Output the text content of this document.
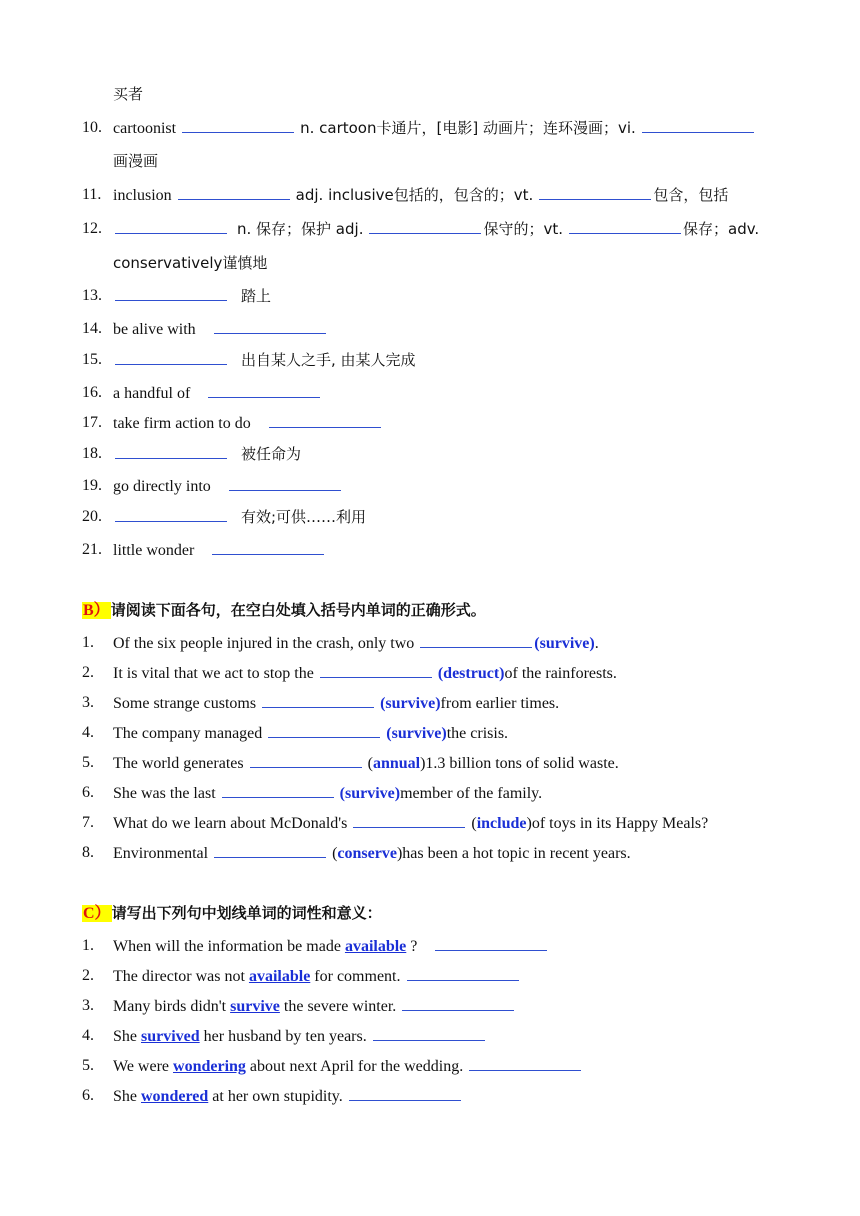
买者
10. cartoonist	n. cartoon卡通片，[电影] 动画片；连环漫画；vi.
画漫画
11. inclusion	adj. inclusive包括的，包含的；vt.	包含，包括
12.	n. 保存；保护 adj.	保守的；vt.	保存；adv.
conservatively谨慎地
13.	踏上
14. be alive with
15.	出自某人之手, 由某人完成
16. a handful of
17. take firm action to do
18.	被任命为
19. go directly into
20.	有效;可供……利用
21. little wonder
B）请阅读下面各句，在空白处填入括号内单词的正确形式。
1.	Of the six people injured in the crash, only two	(survive).
2.	It is vital that we act to stop the	(destruct)of the rainforests.
3.	Some strange customs	(survive)from earlier times.
4.	The company managed	(survive)the crisis.
5.	The world generates	(annual)1.3 billion tons of solid waste.
6.	She was the last	(survive)member of the family.
7.	What do we learn about McDonald's	(include)of toys in its Happy Meals?
8.	Environmental	(conserve)has been a hot topic in recent years.
C）请写出下列句中划线单词的词性和意义：
1.	When will the information be made available ?
2.	The director was not available for comment.
3.	Many birds didn't survive the severe winter.
4.	She survived her husband by ten years.
5.	We were wondering about next April for the wedding.
6.	She wondered at her own stupidity.
